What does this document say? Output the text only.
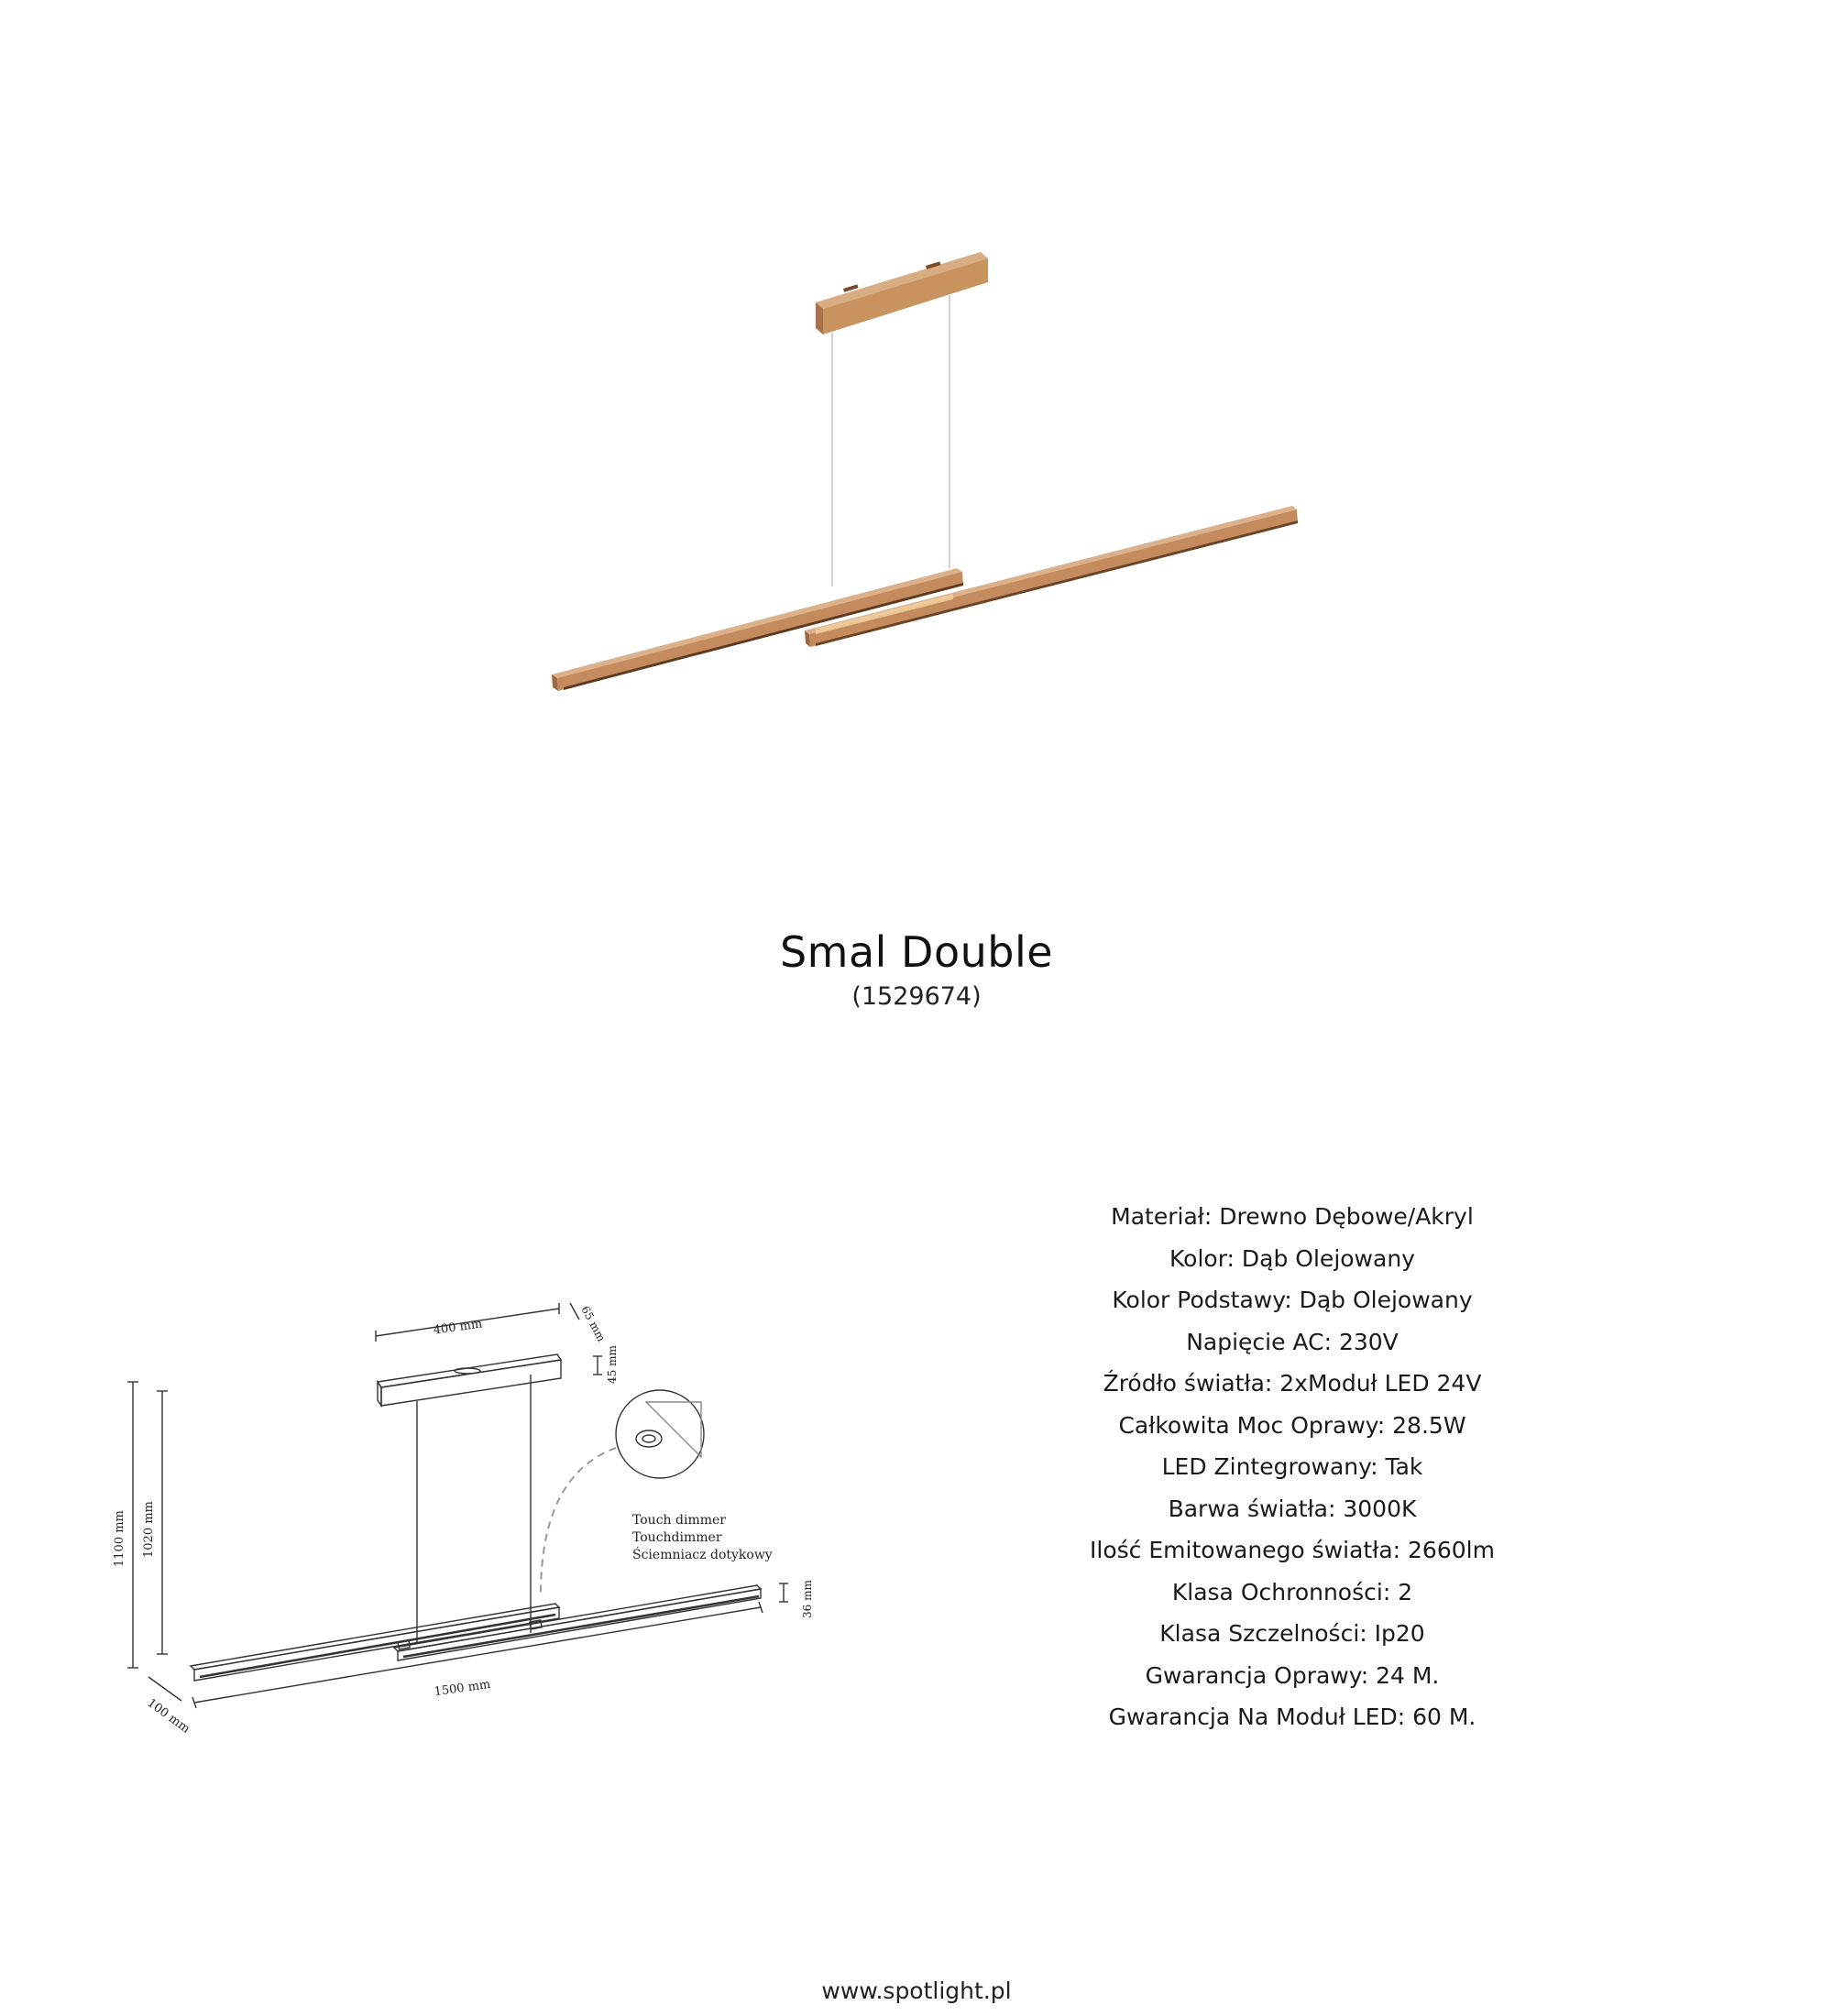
Smal Double
(1529674)
400 mm	65 mm
45 mm
1100 mm 1020 mm
36 mm
100 mm
1500 mm
Touch dimmer
Touchdimmer
Ściemniacz dotykowy
Materiał: Drewno Dębowe/Akryl
Kolor: Dąb Olejowany
Kolor Podstawy: Dąb Olejowany
Napięcie AC: 230V
Źródło światła: 2xModuł LED 24V
Całkowita Moc Oprawy: 28.5W
LED Zintegrowany: Tak
Barwa światła: 3000K
Ilość Emitowanego światła: 2660lm
Klasa Ochronności: 2
Klasa Szczelności: Ip20
Gwarancja Oprawy: 24 M.
Gwarancja Na Moduł LED: 60 M.
www.spotlight.pl
